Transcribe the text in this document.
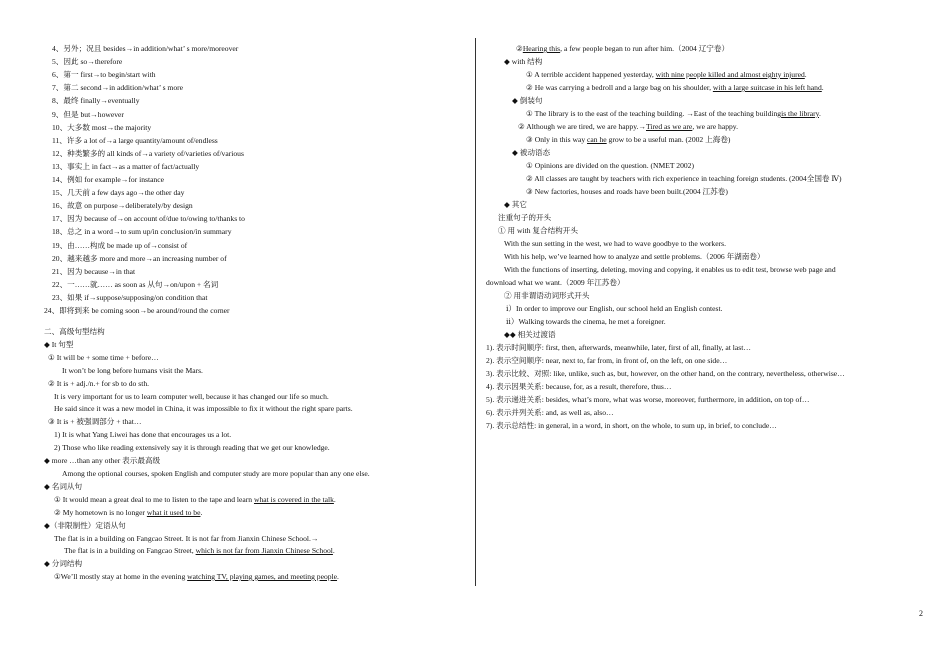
4、另外；况且 besides→in addition/what’ s more/moreover
5、因此 so→therefore
6、第一 first→to begin/start with
7、第二 second→in addition/what’ s more
8、最终 finally→eventually
9、但是 but→however
10、大多数 most→the majority
11、许多 a lot of→a large quantity/amount of/endless
12、种类繁多的 all kinds of→a variety of/varieties of/various
13、事实上 in fact→as a matter of fact/actually
14、例如 for example→for instance
15、几天前 a few days ago→the other day
16、故意 on purpose→deliberately/by design
17、因为 because of→on account of/due to/owing to/thanks to
18、总之 in a word→to sum up/in conclusion/in summary
19、由……构成 be made up of→consist of
20、越来越多 more and more→an increasing number of
21、因为 because→in that
22、一……就…… as soon as 从句→on/upon + 名词
23、如果 if→suppose/supposing/on condition that
24、即将到来 be coming soon→be around/round the corner
二、高级句型结构
◆ It 句型
① It will be + some time + before…
It won’t be long before humans visit the Mars.
② It is + adj./n.+ for sb to do sth.
It is very important for us to learn computer well, because it has changed our life so much.
He said since it was a new model in China, it was impossible to fix it without the right spare parts.
③ It is + 被强调部分 + that…
1) It is what Yang Liwei has done that encourages us a lot.
2) Those who like reading extensively say it is through reading that we get our knowledge.
◆ more …than any other 表示最高级
Among the optional courses, spoken English and computer study are more popular than any one else.
◆ 名词从句
① It would mean a great deal to me to listen to the tape and learn what is covered in the talk.
② My hometown is no longer what it used to be.
◆（非限制性）定语从句
The flat is in a building on Fangcao Street. It is not far from Jianxin Chinese School.→
The flat is in a building on Fangcao Street, which is not far from Jianxin Chinese School.
◆ 分词结构
①We’ll mostly stay at home in the evening watching TV, playing games, and meeting people.
②Hearing this, a few people began to run after him.（2004 辽宁卷）
◆ with 结构
① A terrible accident happened yesterday, with nine people killed and almost eighty injured.
② He was carrying a bedroll and a large bag on his shoulder, with a large suitcase in his left hand.
◆ 倒装句
① The library is to the east of the teaching building. →East of the teaching buildingis the library.
② Although we are tired, we are happy.→Tired as we are, we are happy.
③ Only in this way can he grow to be a useful man. (2002 上海卷)
◆ 被动语态
① Opinions are divided on the question. (NMET 2002)
② All classes are taught by teachers with rich experience in teaching foreign students. (2004全国卷 Ⅳ)
③ New factories, houses and roads have been built.(2004 江苏卷)
◆ 其它
注重句子的开头
① 用 with 复合结构开头
With the sun setting in the west, we had to wave goodbye to the workers.
With his help, we’ve learned how to analyze and settle problems.（2006 年湖南卷）
With the functions of inserting, deleting, moving and copying, it enables us to edit test, browse web page and
download what we want.（2009 年江苏卷）
② 用非谓语动词形式开头
ⅰ）In order to improve our English, our school held an English contest.
ⅱ）Walking towards the cinema, he met a foreigner.
◆◆ 相关过渡语
1). 表示时间顺序: first, then, afterwards, meanwhile, later, first of all, finally, at last…
2). 表示空间顺序: near, next to, far from, in front of, on the left, on one side…
3). 表示比较、对照: like, unlike, such as, but, however, on the other hand, on the contrary, nevertheless, otherwise…
4). 表示因果关系: because, for, as a result, therefore, thus…
5). 表示递进关系: besides, what’s more, what was worse, moreover, furthermore, in addition, on top of…
6). 表示并列关系: and, as well as, also…
7). 表示总结性: in general, in a word, in short, on the whole, to sum up, in brief, to conclude…
2
